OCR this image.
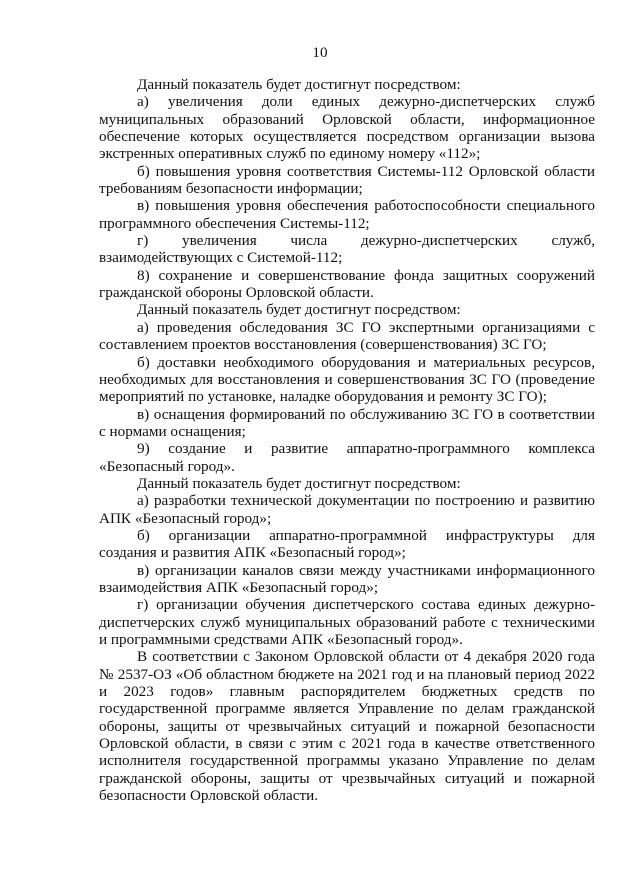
10

Данный показатель будет достигнут посредством:

а) увеличения доли единых дежурно-диспетчерских служб муниципальных образований Орловской области, информационное обеспечение которых осуществляется посредством организации вызова экстренных оперативных служб по единому номеру «112»;

б) повышения уровня соответствия Системы-112 Орловской области требованиям безопасности информации;

в) повышения уровня обеспечения работоспособности специального программного обеспечения Системы-112;

г) увеличения числа дежурно-диспетчерских служб, взаимодействующих с Системой-112;

8) сохранение и совершенствование фонда защитных сооружений гражданской обороны Орловской области.

Данный показатель будет достигнут посредством:

а) проведения обследования ЗС ГО экспертными организациями с составлением проектов восстановления (совершенствования) ЗС ГО;

б) доставки необходимого оборудования и материальных ресурсов, необходимых для восстановления и совершенствования ЗС ГО (проведение мероприятий по установке, наладке оборудования и ремонту ЗС ГО);

в) оснащения формирований по обслуживанию ЗС ГО в соответствии с нормами оснащения;

9) создание и развитие аппаратно-программного комплекса «Безопасный город».

Данный показатель будет достигнут посредством:

а) разработки технической документации по построению и развитию АПК «Безопасный город»;

б) организации аппаратно-программной инфраструктуры для создания и развития АПК «Безопасный город»;

в) организации каналов связи между участниками информационного взаимодействия АПК «Безопасный город»;

г) организации обучения диспетчерского состава единых дежурно-диспетчерских служб муниципальных образований работе с техническими и программными средствами АПК «Безопасный город».

В соответствии с Законом Орловской области от 4 декабря 2020 года № 2537-ОЗ «Об областном бюджете на 2021 год и на плановый период 2022 и 2023 годов» главным распорядителем бюджетных средств по государственной программе является Управление по делам гражданской обороны, защиты от чрезвычайных ситуаций и пожарной безопасности Орловской области, в связи с этим с 2021 года в качестве ответственного исполнителя государственной программы указано Управление по делам гражданской обороны, защиты от чрезвычайных ситуаций и пожарной безопасности Орловской области.
